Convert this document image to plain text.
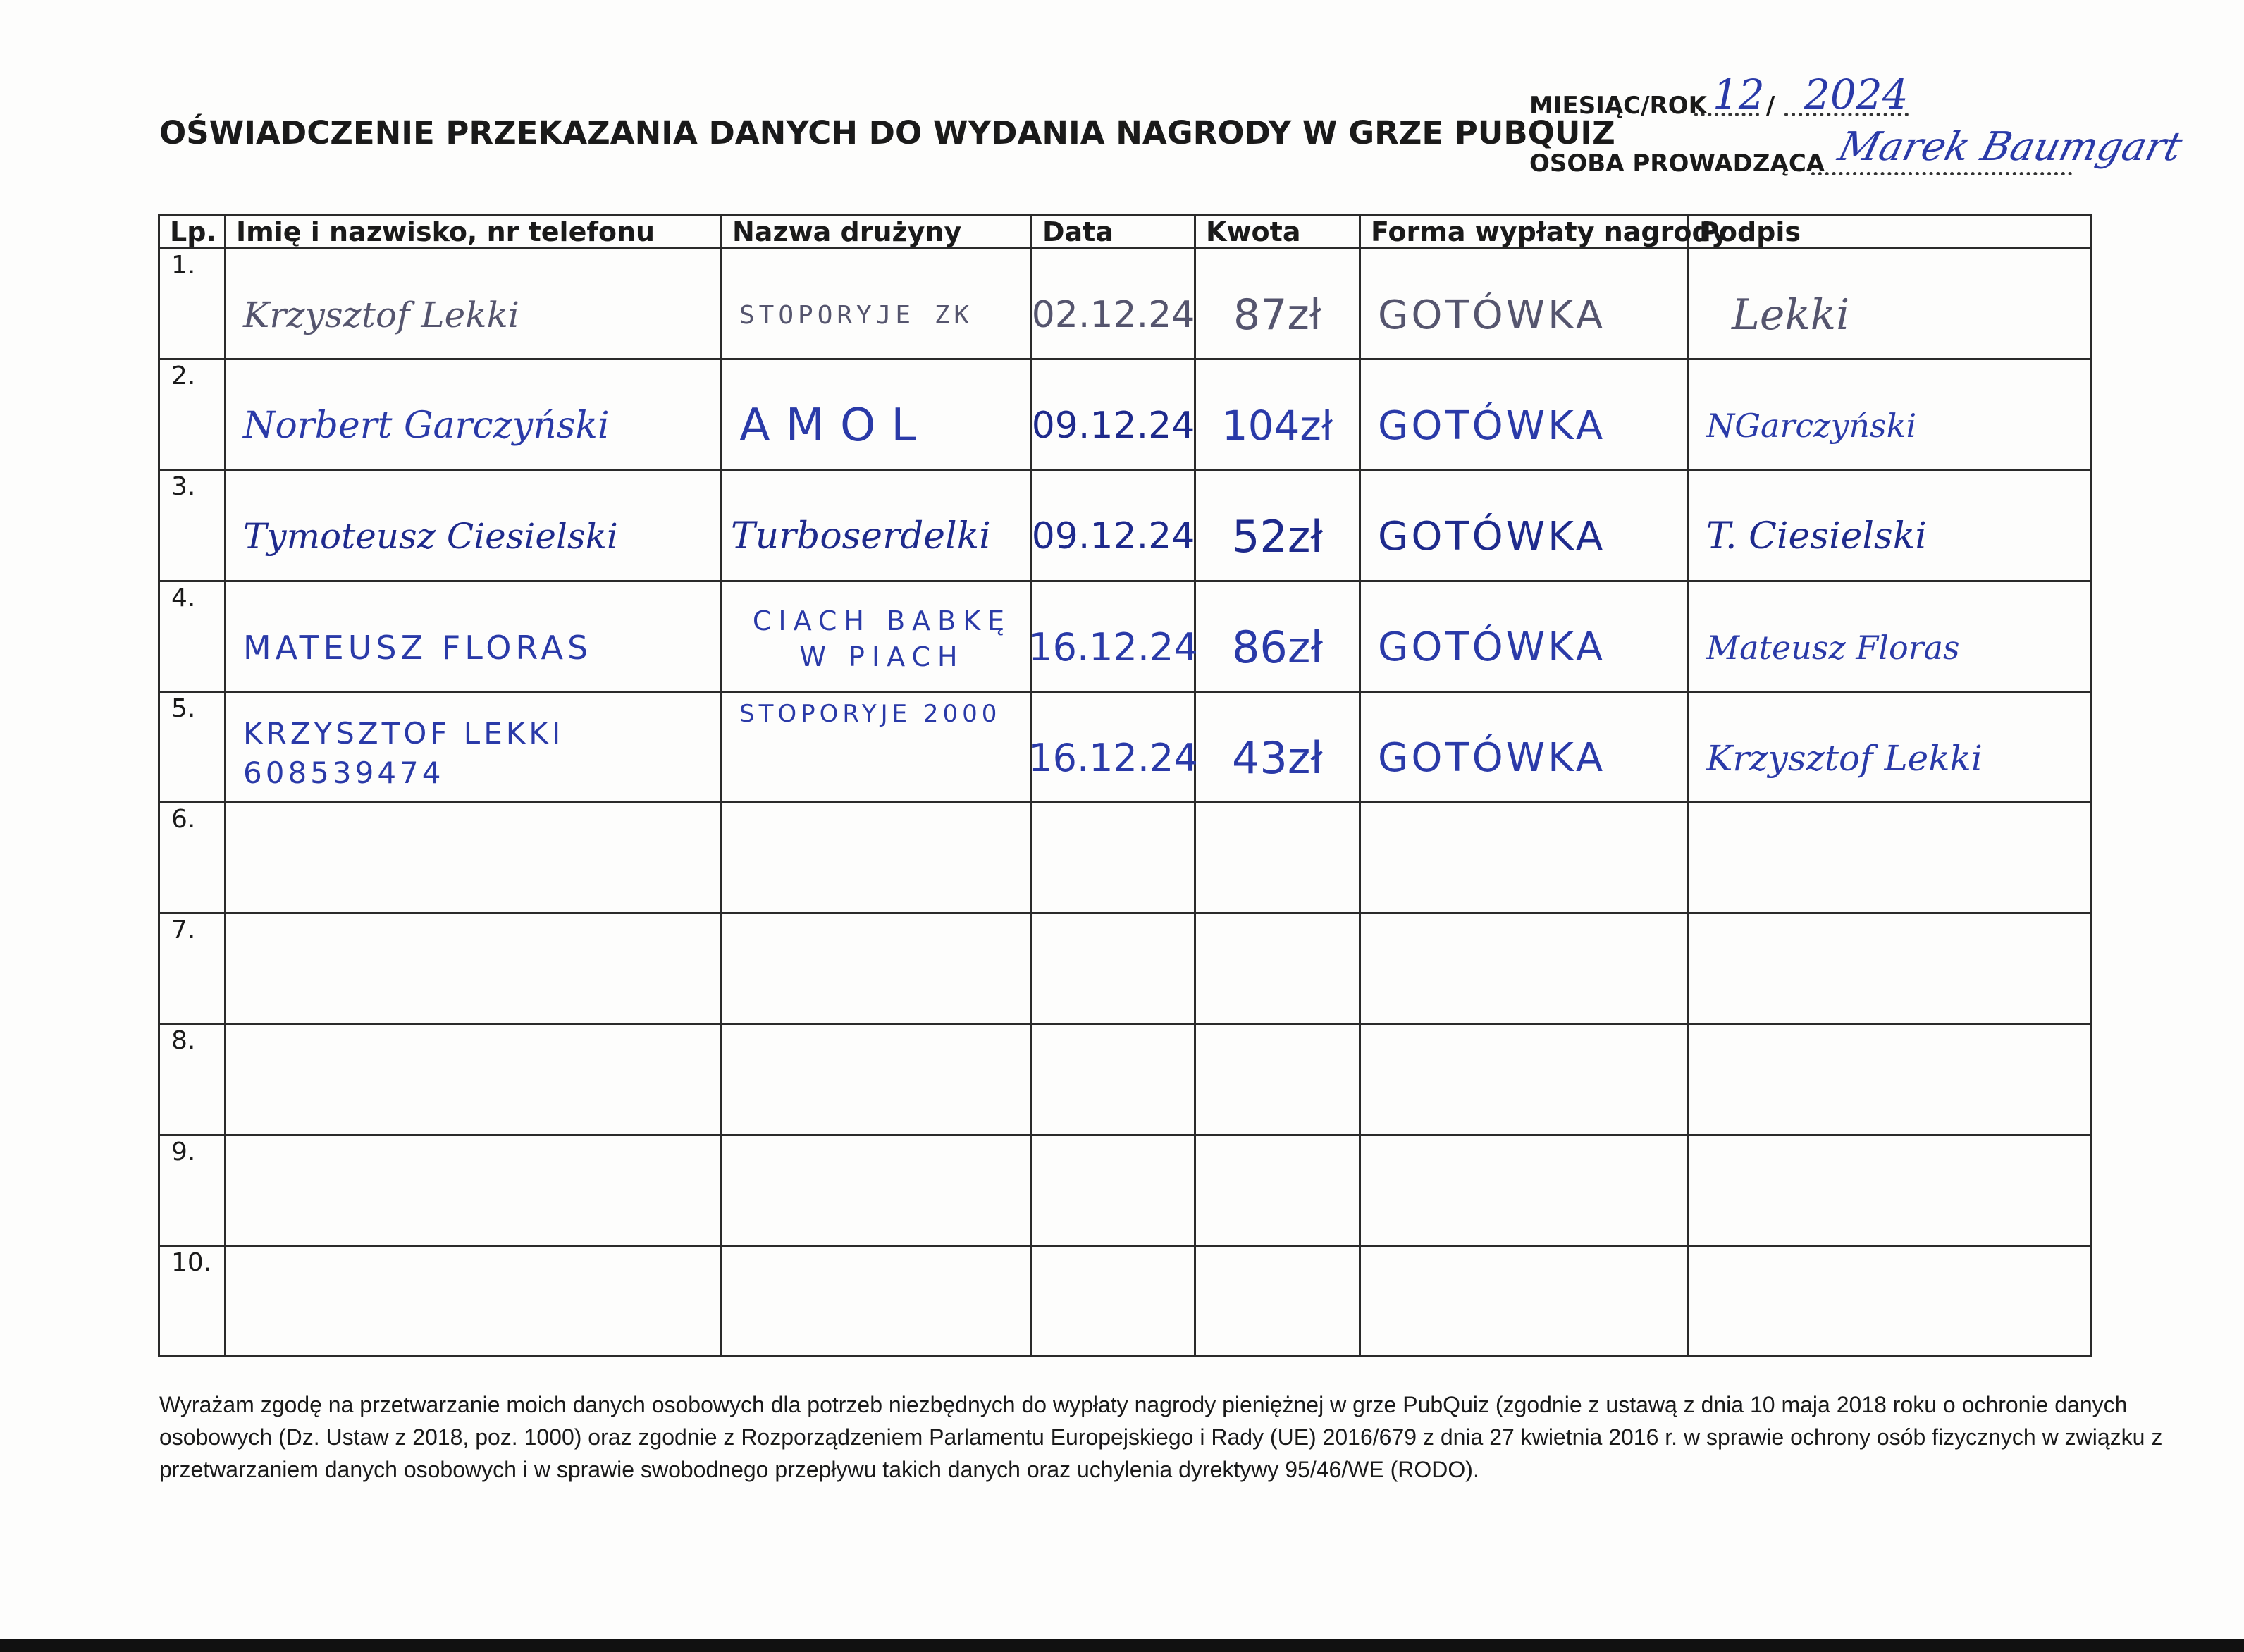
OŚWIADCZENIE PRZEKAZANIA DANYCH DO WYDANIA NAGRODY W GRZE PUBQUIZ
MIESIĄC/ROK 12 / 2024
OSOBA PROWADZĄCA Marek Baumgart
Lp.	Imię i nazwisko, nr telefonu	Nazwa drużyny	Data	Kwota	Forma wypłaty nagrody	Podpis

1.	Krzysztof Lekki	STOPORYJE ZK	02.12.24	87zł	GOTÓWKA	Lekki

2.	Norbert Garczyński	AMOL	09.12.24	104zł	GOTÓWKA	NGarczyński

3.	Tymoteusz Ciesielski	Turboserdelki	09.12.24	52zł	GOTÓWKA	T. Ciesielski

4.	MATEUSZ FLORAS	CIACH BABKĘ W PIACH	16.12.24	86zł	GOTÓWKA	Mateusz Floras

5.	KRZYSZTOF LEKKI 608539474	STOPORYJE 2000	16.12.24	43zł	GOTÓWKA	Krzysztof Lekki

6.						

7.						

8.						

9.						

10.						

Wyrażam zgodę na przetwarzanie moich danych osobowych dla potrzeb niezbędnych do wypłaty nagrody pieniężnej w grze PubQuiz (zgodnie z ustawą z dnia 10 maja 2018 roku o ochronie danych osobowych (Dz. Ustaw z 2018, poz. 1000) oraz zgodnie z Rozporządzeniem Parlamentu Europejskiego i Rady (UE) 2016/679 z dnia 27 kwietnia 2016 r. w sprawie ochrony osób fizycznych w związku z przetwarzaniem danych osobowych i w sprawie swobodnego przepływu takich danych oraz uchylenia dyrektywy 95/46/WE (RODO).
